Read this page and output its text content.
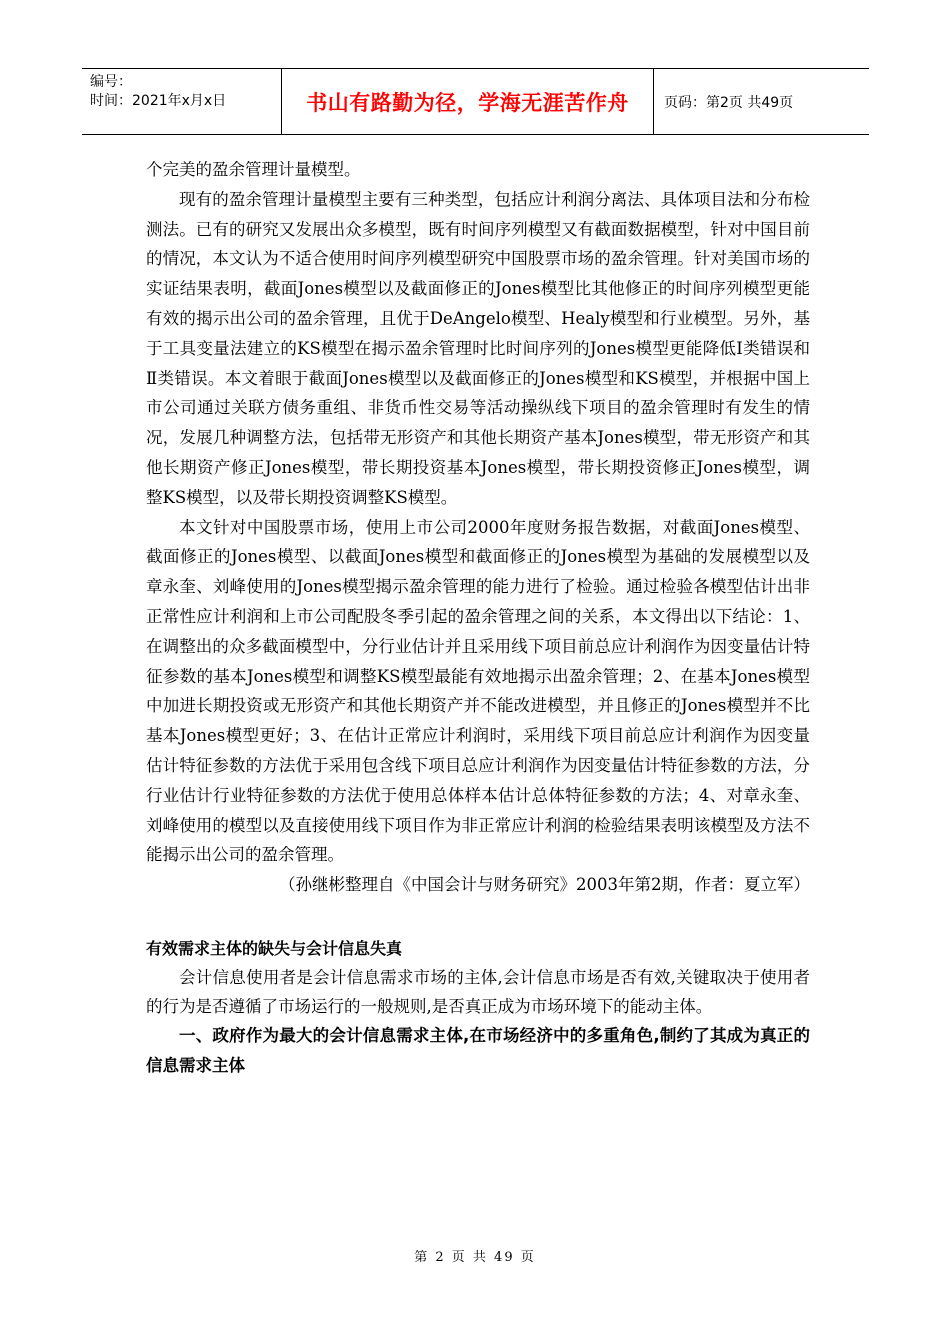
编号：
时间：2021年x月x日	书山有路勤为径，学海无涯苦作舟	页码：第2页 共49页

个完美的盈余管理计量模型。

现有的盈余管理计量模型主要有三种类型，包括应计利润分离法、具体项目法和分布检测法。已有的研究又发展出众多模型，既有时间序列模型又有截面数据模型，针对中国目前的情况，本文认为不适合使用时间序列模型研究中国股票市场的盈余管理。针对美国市场的实证结果表明，截面Jones模型以及截面修正的Jones模型比其他修正的时间序列模型更能有效的揭示出公司的盈余管理，且优于DeAngelo模型、Healy模型和行业模型。另外，基于工具变量法建立的KS模型在揭示盈余管理时比时间序列的Jones模型更能降低Ⅰ类错误和Ⅱ类错误。本文着眼于截面Jones模型以及截面修正的Jones模型和KS模型，并根据中国上市公司通过关联方债务重组、非货币性交易等活动操纵线下项目的盈余管理时有发生的情况，发展几种调整方法，包括带无形资产和其他长期资产基本Jones模型，带无形资产和其他长期资产修正Jones模型，带长期投资基本Jones模型，带长期投资修正Jones模型，调整KS模型，以及带长期投资调整KS模型。

本文针对中国股票市场，使用上市公司2000年度财务报告数据，对截面Jones模型、截面修正的Jones模型、以截面Jones模型和截面修正的Jones模型为基础的发展模型以及章永奎、刘峰使用的Jones模型揭示盈余管理的能力进行了检验。通过检验各模型估计出非正常性应计利润和上市公司配股冬季引起的盈余管理之间的关系，本文得出以下结论：1、在调整出的众多截面模型中，分行业估计并且采用线下项目前总应计利润作为因变量估计特征参数的基本Jones模型和调整KS模型最能有效地揭示出盈余管理；2、在基本Jones模型中加进长期投资或无形资产和其他长期资产并不能改进模型，并且修正的Jones模型并不比基本Jones模型更好；3、在估计正常应计利润时，采用线下项目前总应计利润作为因变量估计特征参数的方法优于采用包含线下项目总应计利润作为因变量估计特征参数的方法，分行业估计行业特征参数的方法优于使用总体样本估计总体特征参数的方法；4、对章永奎、刘峰使用的模型以及直接使用线下项目作为非正常应计利润的检验结果表明该模型及方法不能揭示出公司的盈余管理。

（孙继彬整理自《中国会计与财务研究》2003年第2期，作者：夏立军）

有效需求主体的缺失与会计信息失真

会计信息使用者是会计信息需求市场的主体,会计信息市场是否有效,关键取决于使用者的行为是否遵循了市场运行的一般规则,是否真正成为市场环境下的能动主体。

一、政府作为最大的会计信息需求主体,在市场经济中的多重角色,制约了其成为真正的信息需求主体

第 2 页 共 49 页
